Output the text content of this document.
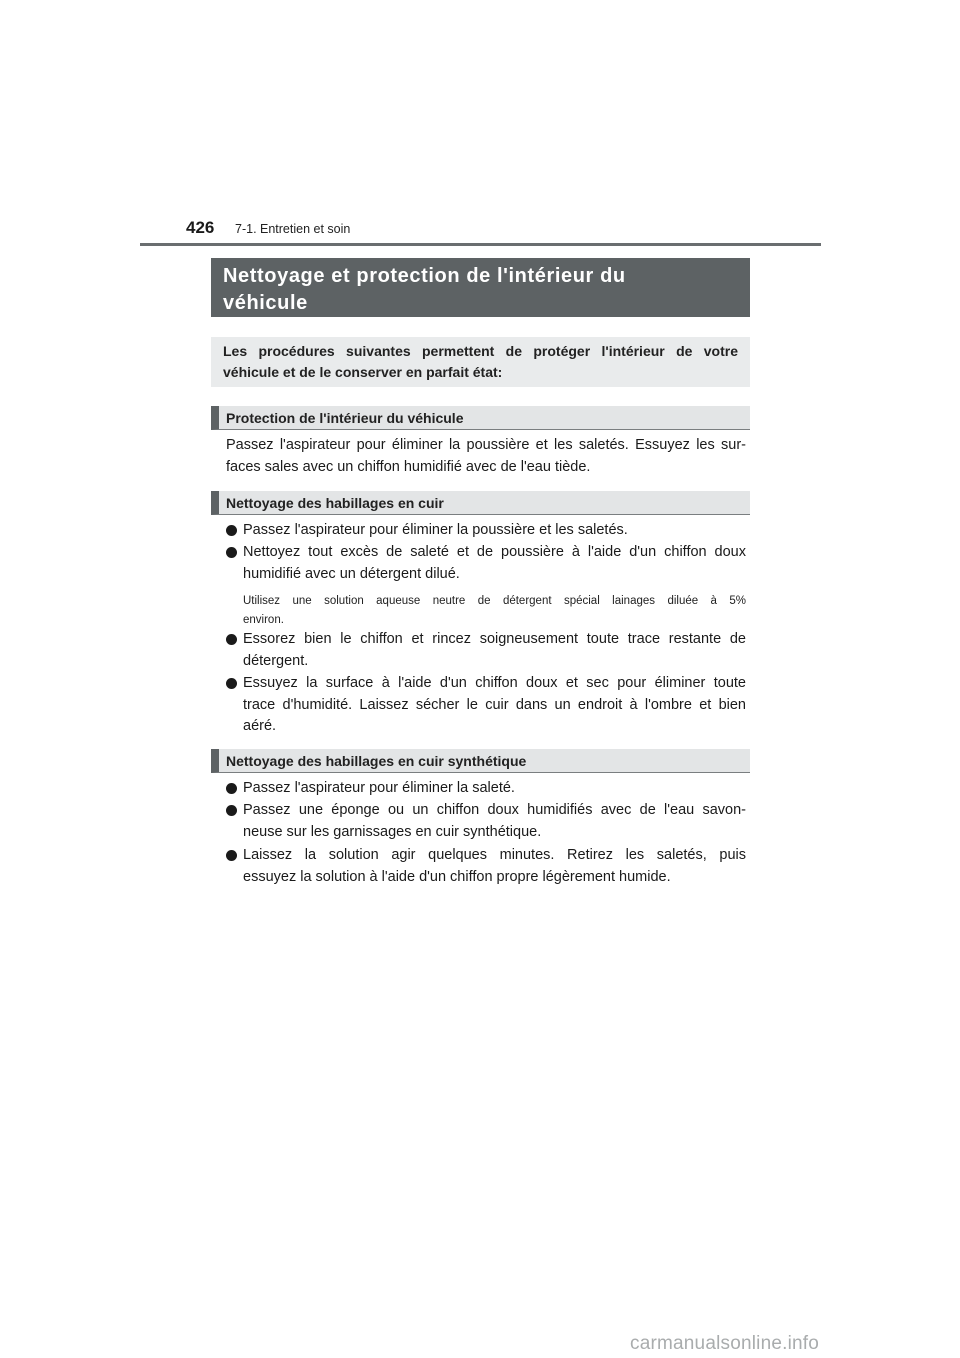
426 7-1. Entretien et soin
Nettoyage et protection de l'intérieur du
véhicule
Les procédures suivantes permettent de protéger l'intérieur de votre
véhicule et de le conserver en parfait état:
Protection de l'intérieur du véhicule
Passez l'aspirateur pour éliminer la poussière et les saletés. Essuyez les sur-
faces sales avec un chiffon humidifié avec de l'eau tiède.
Nettoyage des habillages en cuir
Passez l'aspirateur pour éliminer la poussière et les saletés.
Nettoyez tout excès de saleté et de poussière à l'aide d'un chiffon doux
humidifié avec un détergent dilué.
Utilisez une solution aqueuse neutre de détergent spécial lainages diluée à 5%
environ.
Essorez bien le chiffon et rincez soigneusement toute trace restante de
détergent.
Essuyez la surface à l'aide d'un chiffon doux et sec pour éliminer toute
trace d'humidité. Laissez sécher le cuir dans un endroit à l'ombre et bien
aéré.
Nettoyage des habillages en cuir synthétique
Passez l'aspirateur pour éliminer la saleté.
Passez une éponge ou un chiffon doux humidifiés avec de l'eau savon-
neuse sur les garnissages en cuir synthétique.
Laissez la solution agir quelques minutes. Retirez les saletés, puis
essuyez la solution à l'aide d'un chiffon propre légèrement humide.
carmanualsonline.info
